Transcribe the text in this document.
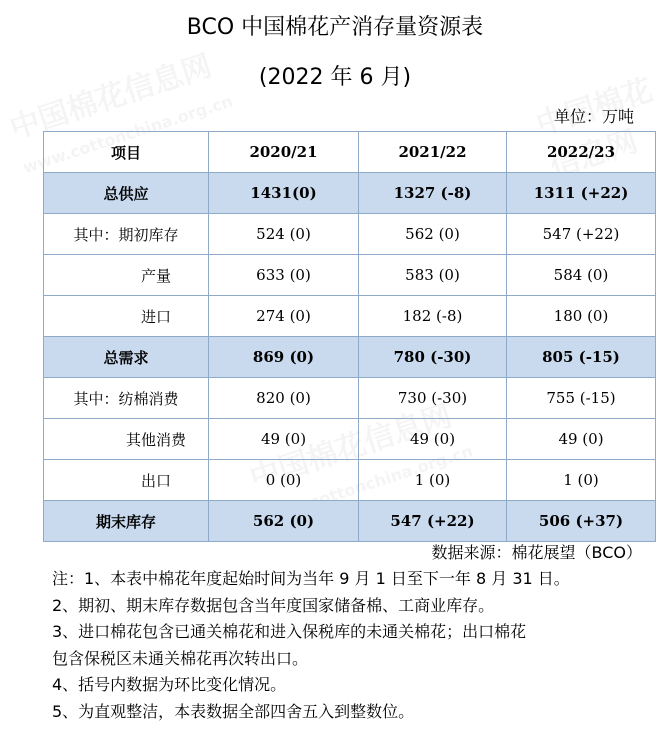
BCO 中国棉花产消存量资源表
(2022 年 6 月)
单位：万吨
项目	2020/21	2021/22	2022/23
总供应	1431(0)	1327 (-8)	1311 (+22)
其中：期初库存	524 (0)	562 (0)	547 (+22)
产量	633 (0)	583 (0)	584 (0)
进口	274 (0)	182 (-8)	180 (0)
总需求	869 (0)	780 (-30)	805 (-15)
其中：纺棉消费	820 (0)	730 (-30)	755 (-15)
其他消费	49 (0)	49 (0)	49 (0)
出口	0 (0)	1 (0)	1 (0)
期末库存	562 (0)	547 (+22)	506 (+37)
数据来源：棉花展望（BCO）
注：1、本表中棉花年度起始时间为当年 9 月 1 日至下一年 8 月 31 日。
2、期初、期末库存数据包含当年度国家储备棉、工商业库存。
3、进口棉花包含已通关棉花和进入保税库的未通关棉花；出口棉花
包含保税区未通关棉花再次转出口。
4、括号内数据为环比变化情况。
5、为直观整洁，本表数据全部四舍五入到整数位。
